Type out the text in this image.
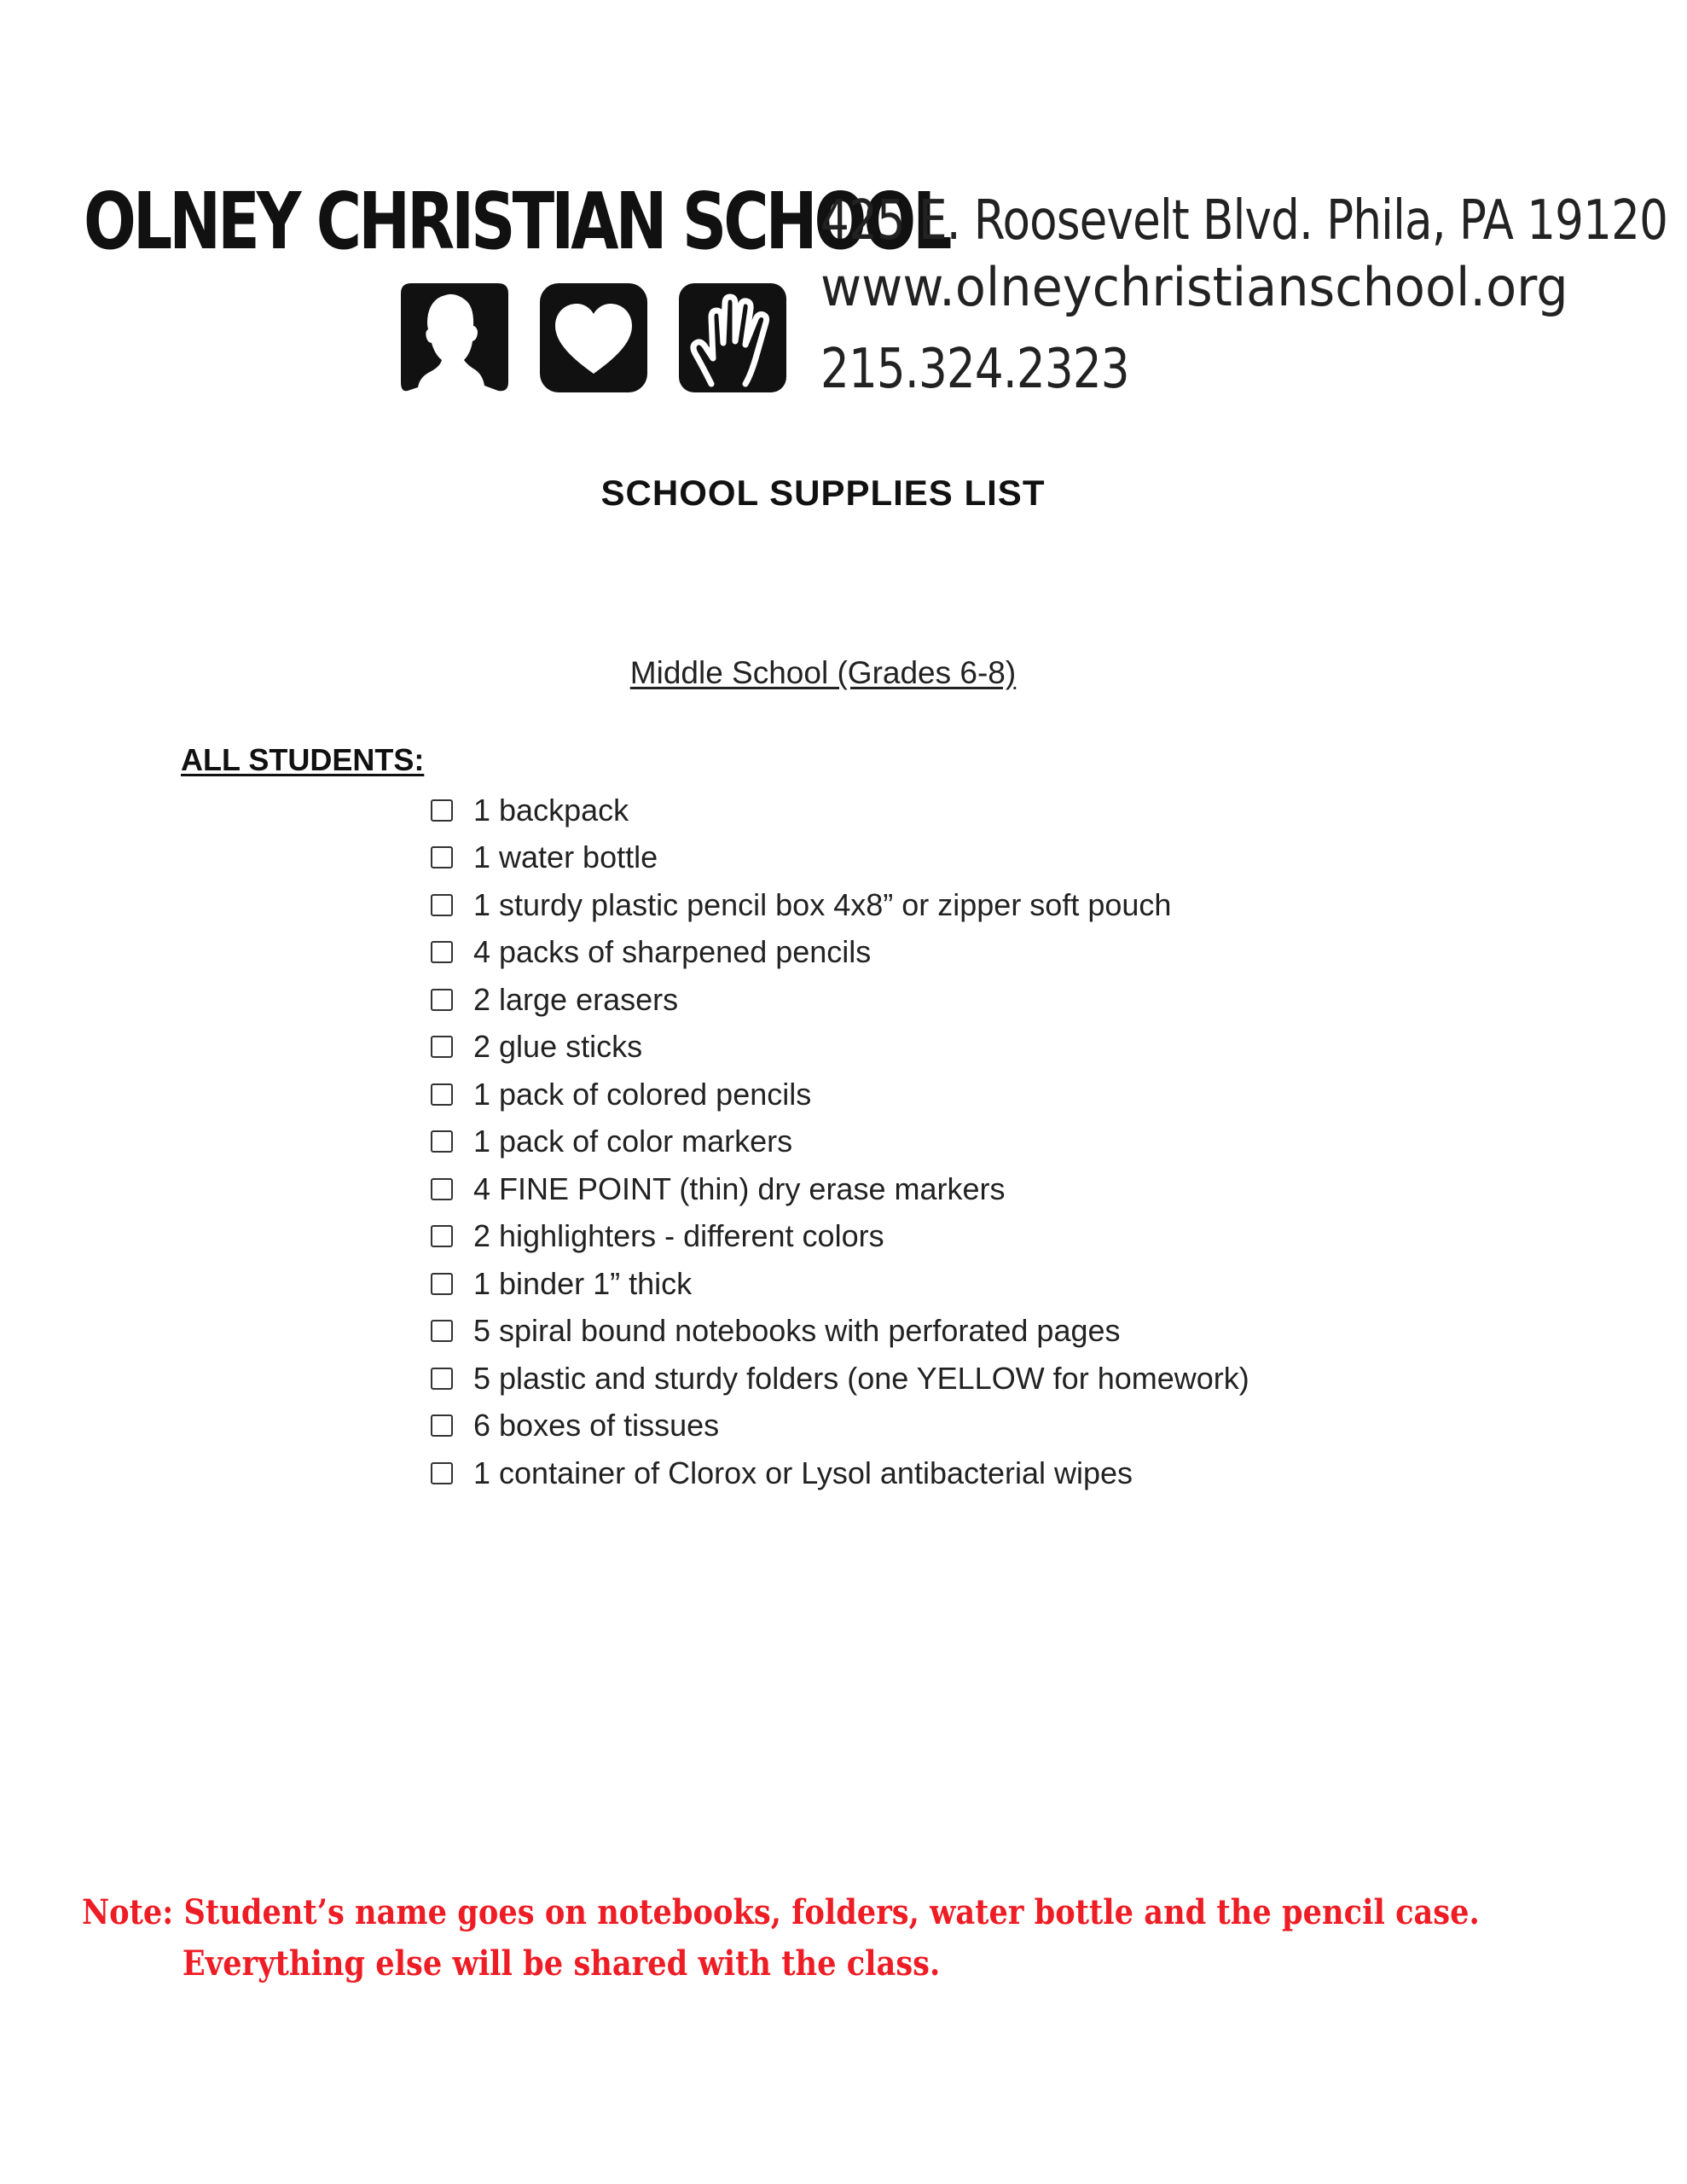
OLNEY CHRISTIAN SCHOOL
425 E. Roosevelt Blvd. Phila, PA 19120
www.olneychristianschool.org
215.324.2323
SCHOOL SUPPLIES LIST
Middle School (Grades 6-8)
ALL STUDENTS:
1 backpack
1 water bottle
1 sturdy plastic pencil box 4x8” or zipper soft pouch
4 packs of sharpened pencils
2 large erasers
2 glue sticks
1 pack of colored pencils
1 pack of color markers
4 FINE POINT (thin) dry erase markers
2 highlighters - different colors
1 binder 1” thick
5 spiral bound notebooks with perforated pages
5 plastic and sturdy folders (one YELLOW for homework)
6 boxes of tissues
1 container of Clorox or Lysol antibacterial wipes
Note: Student’s name goes on notebooks, folders, water bottle and the pencil case.
Everything else will be shared with the class.
